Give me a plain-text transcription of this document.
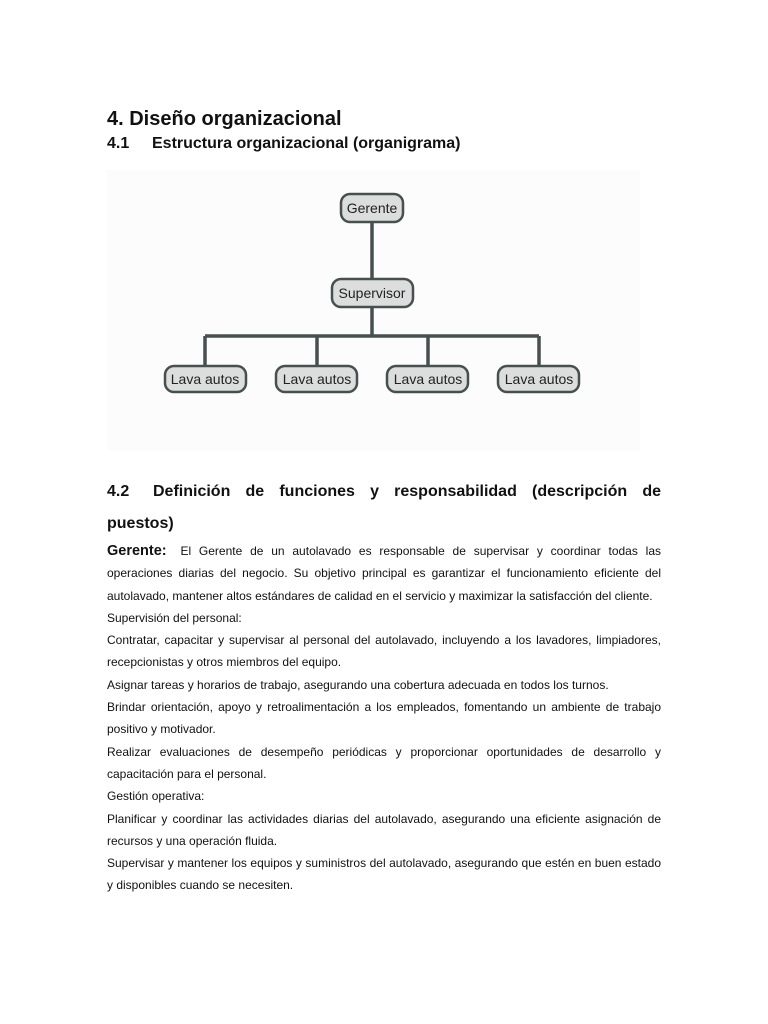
4. Diseño organizacional
4.1 Estructura organizacional (organigrama)
Gerente
Supervisor
Lava autos	Lava autos	Lava autos	Lava autos
4.2 Definición de funciones y responsabilidad (descripción de puestos)

Gerente: El Gerente de un autolavado es responsable de supervisar y coordinar todas las operaciones diarias del negocio. Su objetivo principal es garantizar el funcionamiento eficiente del autolavado, mantener altos estándares de calidad en el servicio y maximizar la satisfacción del cliente.

Supervisión del personal:

Contratar, capacitar y supervisar al personal del autolavado, incluyendo a los lavadores, limpiadores, recepcionistas y otros miembros del equipo.

Asignar tareas y horarios de trabajo, asegurando una cobertura adecuada en todos los turnos.

Brindar orientación, apoyo y retroalimentación a los empleados, fomentando un ambiente de trabajo positivo y motivador.

Realizar evaluaciones de desempeño periódicas y proporcionar oportunidades de desarrollo y capacitación para el personal.

Gestión operativa:

Planificar y coordinar las actividades diarias del autolavado, asegurando una eficiente asignación de recursos y una operación fluida.

Supervisar y mantener los equipos y suministros del autolavado, asegurando que estén en buen estado y disponibles cuando se necesiten.
